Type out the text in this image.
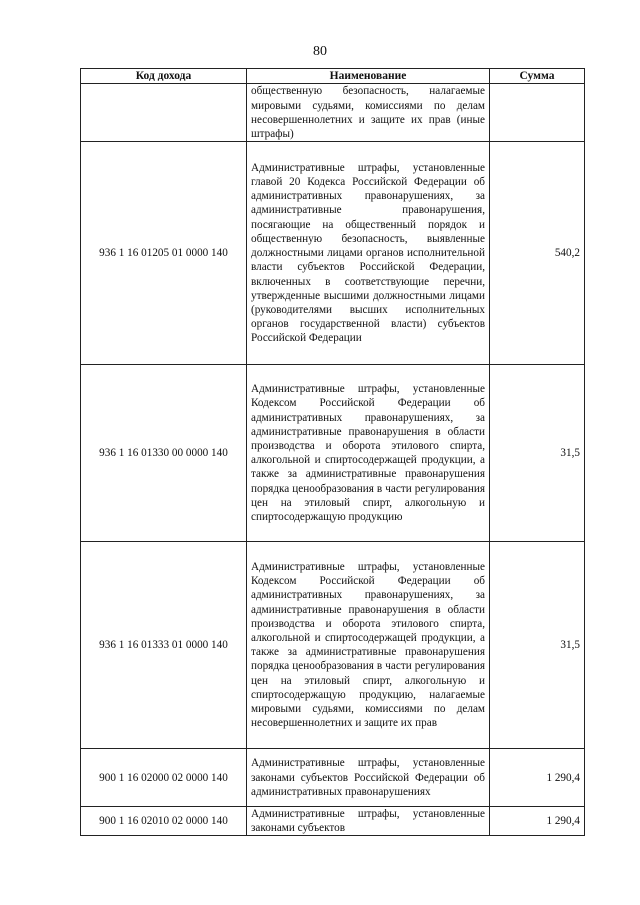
80
Код дохода	Наименование	Сумма
	общественную безопасность, налагаемые мировыми судьями, комиссиями по делам несовершеннолетних и защите их прав (иные штрафы)	
936 1 16 01205 01 0000 140	Административные штрафы, установленные главой 20 Кодекса Российской Федерации об административных правонарушениях, за административные правонарушения, посягающие на общественный порядок и общественную безопасность, выявленные должностными лицами органов исполнительной власти субъектов Российской Федерации, включенных в соответствующие перечни, утвержденные высшими должностными лицами (руководителями высших исполнительных органов государственной власти) субъектов Российской Федерации	540,2
936 1 16 01330 00 0000 140	Административные штрафы, установленные Кодексом Российской Федерации об административных правонарушениях, за административные правонарушения в области производства и оборота этилового спирта, алкогольной и спиртосодержащей продукции, а также за административные правонарушения порядка ценообразования в части регулирования цен на этиловый спирт, алкогольную и спиртосодержащую продукцию	31,5
936 1 16 01333 01 0000 140	Административные штрафы, установленные Кодексом Российской Федерации об административных правонарушениях, за административные правонарушения в области производства и оборота этилового спирта, алкогольной и спиртосодержащей продукции, а также за административные правонарушения порядка ценообразования в части регулирования цен на этиловый спирт, алкогольную и спиртосодержащую продукцию, налагаемые мировыми судьями, комиссиями по делам несовершеннолетних и защите их прав	31,5
900 1 16 02000 02 0000 140	Административные штрафы, установленные законами субъектов Российской Федерации об административных правонарушениях	1 290,4
900 1 16 02010 02 0000 140	Административные штрафы, установленные законами субъектов	1 290,4
